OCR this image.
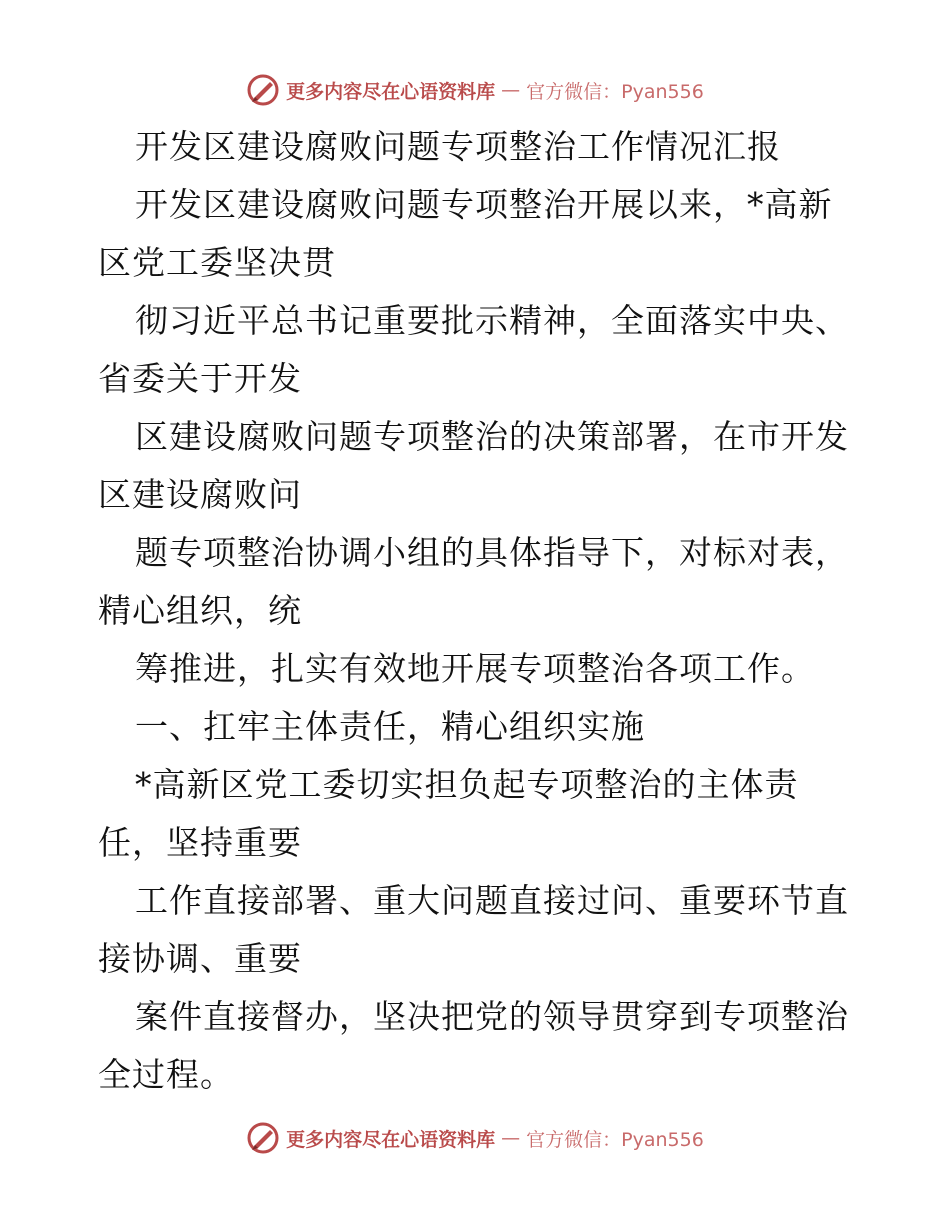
更多内容尽在心语资料库 — 官方微信：Pyan556
开发区建设腐败问题专项整治工作情况汇报
开发区建设腐败问题专项整治开展以来，*高新
区党工委坚决贯
彻习近平总书记重要批示精神，全面落实中央、
省委关于开发
区建设腐败问题专项整治的决策部署，在市开发
区建设腐败问
题专项整治协调小组的具体指导下，对标对表，
精心组织，统
筹推进，扎实有效地开展专项整治各项工作。
一、扛牢主体责任，精心组织实施
*高新区党工委切实担负起专项整治的主体责
任，坚持重要
工作直接部署、重大问题直接过问、重要环节直
接协调、重要
案件直接督办，坚决把党的领导贯穿到专项整治
全过程。
更多内容尽在心语资料库 — 官方微信：Pyan556
